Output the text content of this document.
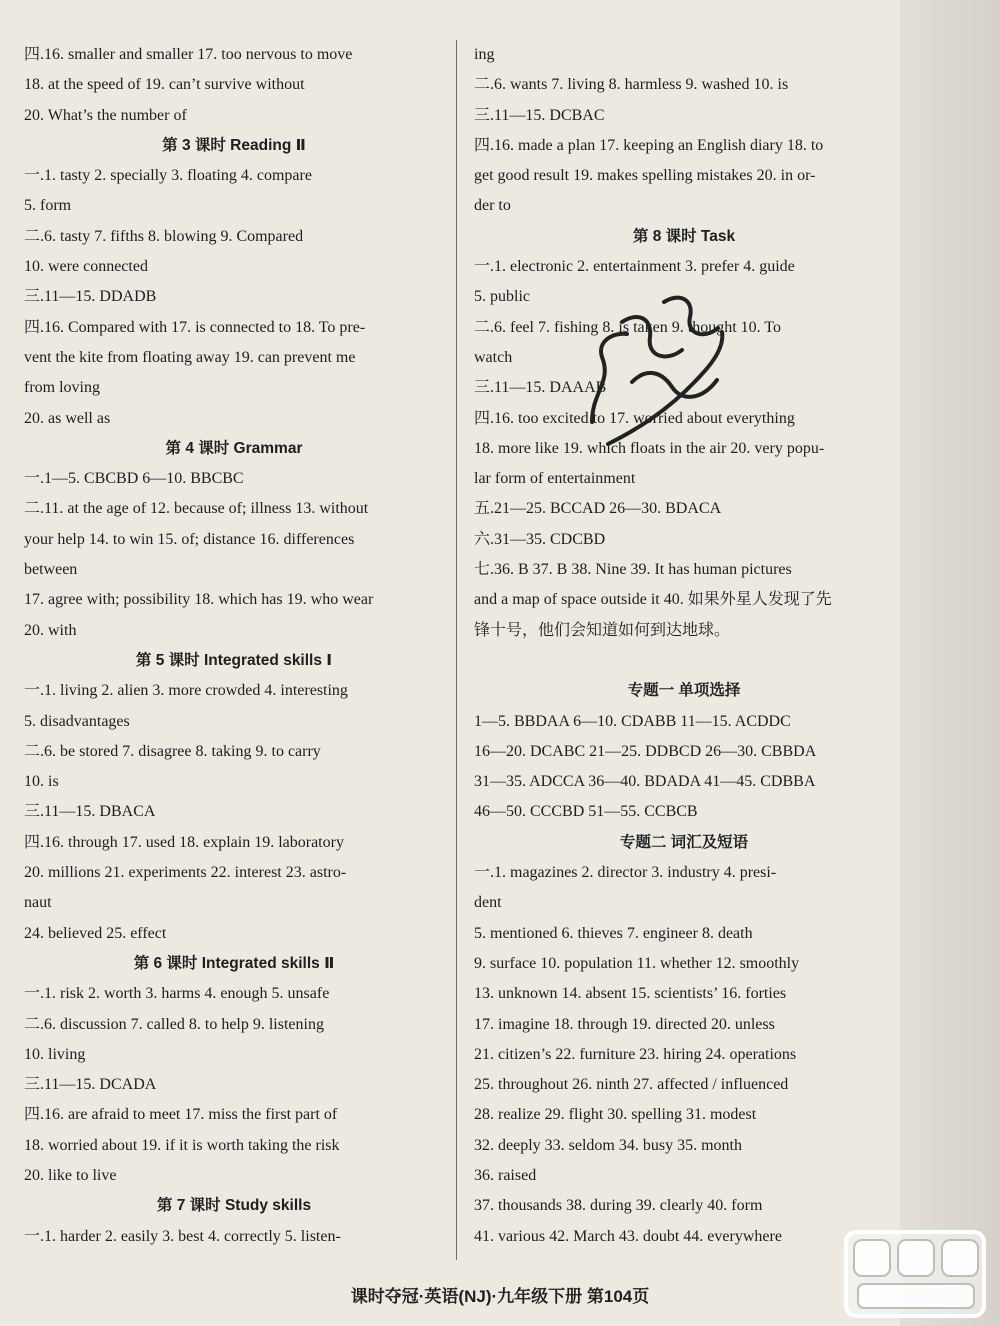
四.16. smaller and smaller 17. too nervous to move
18. at the speed of 19. can’t survive without
20. What’s the number of
第 3 课时 Reading Ⅱ
一.1. tasty 2. specially 3. floating 4. compare
5. form
二.6. tasty 7. fifths 8. blowing 9. Compared
10. were connected
三.11—15. DDADB
四.16. Compared with 17. is connected to 18. To pre-
vent the kite from floating away 19. can prevent me
from loving
20. as well as
第 4 课时 Grammar
一.1—5. CBCBD 6—10. BBCBC
二.11. at the age of 12. because of; illness 13. without
your help 14. to win 15. of; distance 16. differences
between
17. agree with; possibility 18. which has 19. who wear
20. with
第 5 课时 Integrated skills Ⅰ
一.1. living 2. alien 3. more crowded 4. interesting
5. disadvantages
二.6. be stored 7. disagree 8. taking 9. to carry
10. is
三.11—15. DBACA
四.16. through 17. used 18. explain 19. laboratory
20. millions 21. experiments 22. interest 23. astro-
naut
24. believed 25. effect
第 6 课时 Integrated skills Ⅱ
一.1. risk 2. worth 3. harms 4. enough 5. unsafe
二.6. discussion 7. called 8. to help 9. listening
10. living
三.11—15. DCADA
四.16. are afraid to meet 17. miss the first part of
18. worried about 19. if it is worth taking the risk
20. like to live
第 7 课时 Study skills
一.1. harder 2. easily 3. best 4. correctly 5. listen-
ing
二.6. wants 7. living 8. harmless 9. washed 10. is
三.11—15. DCBAC
四.16. made a plan 17. keeping an English diary 18. to
get good result 19. makes spelling mistakes 20. in or-
der to
第 8 课时 Task
一.1. electronic 2. entertainment 3. prefer 4. guide
5. public
二.6. feel 7. fishing 8. is taken 9. thought 10. To
watch
三.11—15. DAAAB
四.16. too excited to 17. worried about everything
18. more like 19. which floats in the air 20. very popu-
lar form of entertainment
五.21—25. BCCAD 26—30. BDACA
六.31—35. CDCBD
七.36. B 37. B 38. Nine 39. It has human pictures
and a map of space outside it 40. 如果外星人发现了先
锋十号，他们会知道如何到达地球。
专题一 单项选择
1—5. BBDAA 6—10. CDABB 11—15. ACDDC
16—20. DCABC 21—25. DDBCD 26—30. CBBDA
31—35. ADCCA 36—40. BDADA 41—45. CDBBA
46—50. CCCBD 51—55. CCBCB
专题二 词汇及短语
一.1. magazines 2. director 3. industry 4. presi-
dent
5. mentioned 6. thieves 7. engineer 8. death
9. surface 10. population 11. whether 12. smoothly
13. unknown 14. absent 15. scientists’ 16. forties
17. imagine 18. through 19. directed 20. unless
21. citizen’s 22. furniture 23. hiring 24. operations
25. throughout 26. ninth 27. affected / influenced
28. realize 29. flight 30. spelling 31. modest
32. deeply 33. seldom 34. busy 35. month
36. raised
37. thousands 38. during 39. clearly 40. form
41. various 42. March 43. doubt 44. everywhere
课时夺冠·英语(NJ)·九年级下册 第104页
